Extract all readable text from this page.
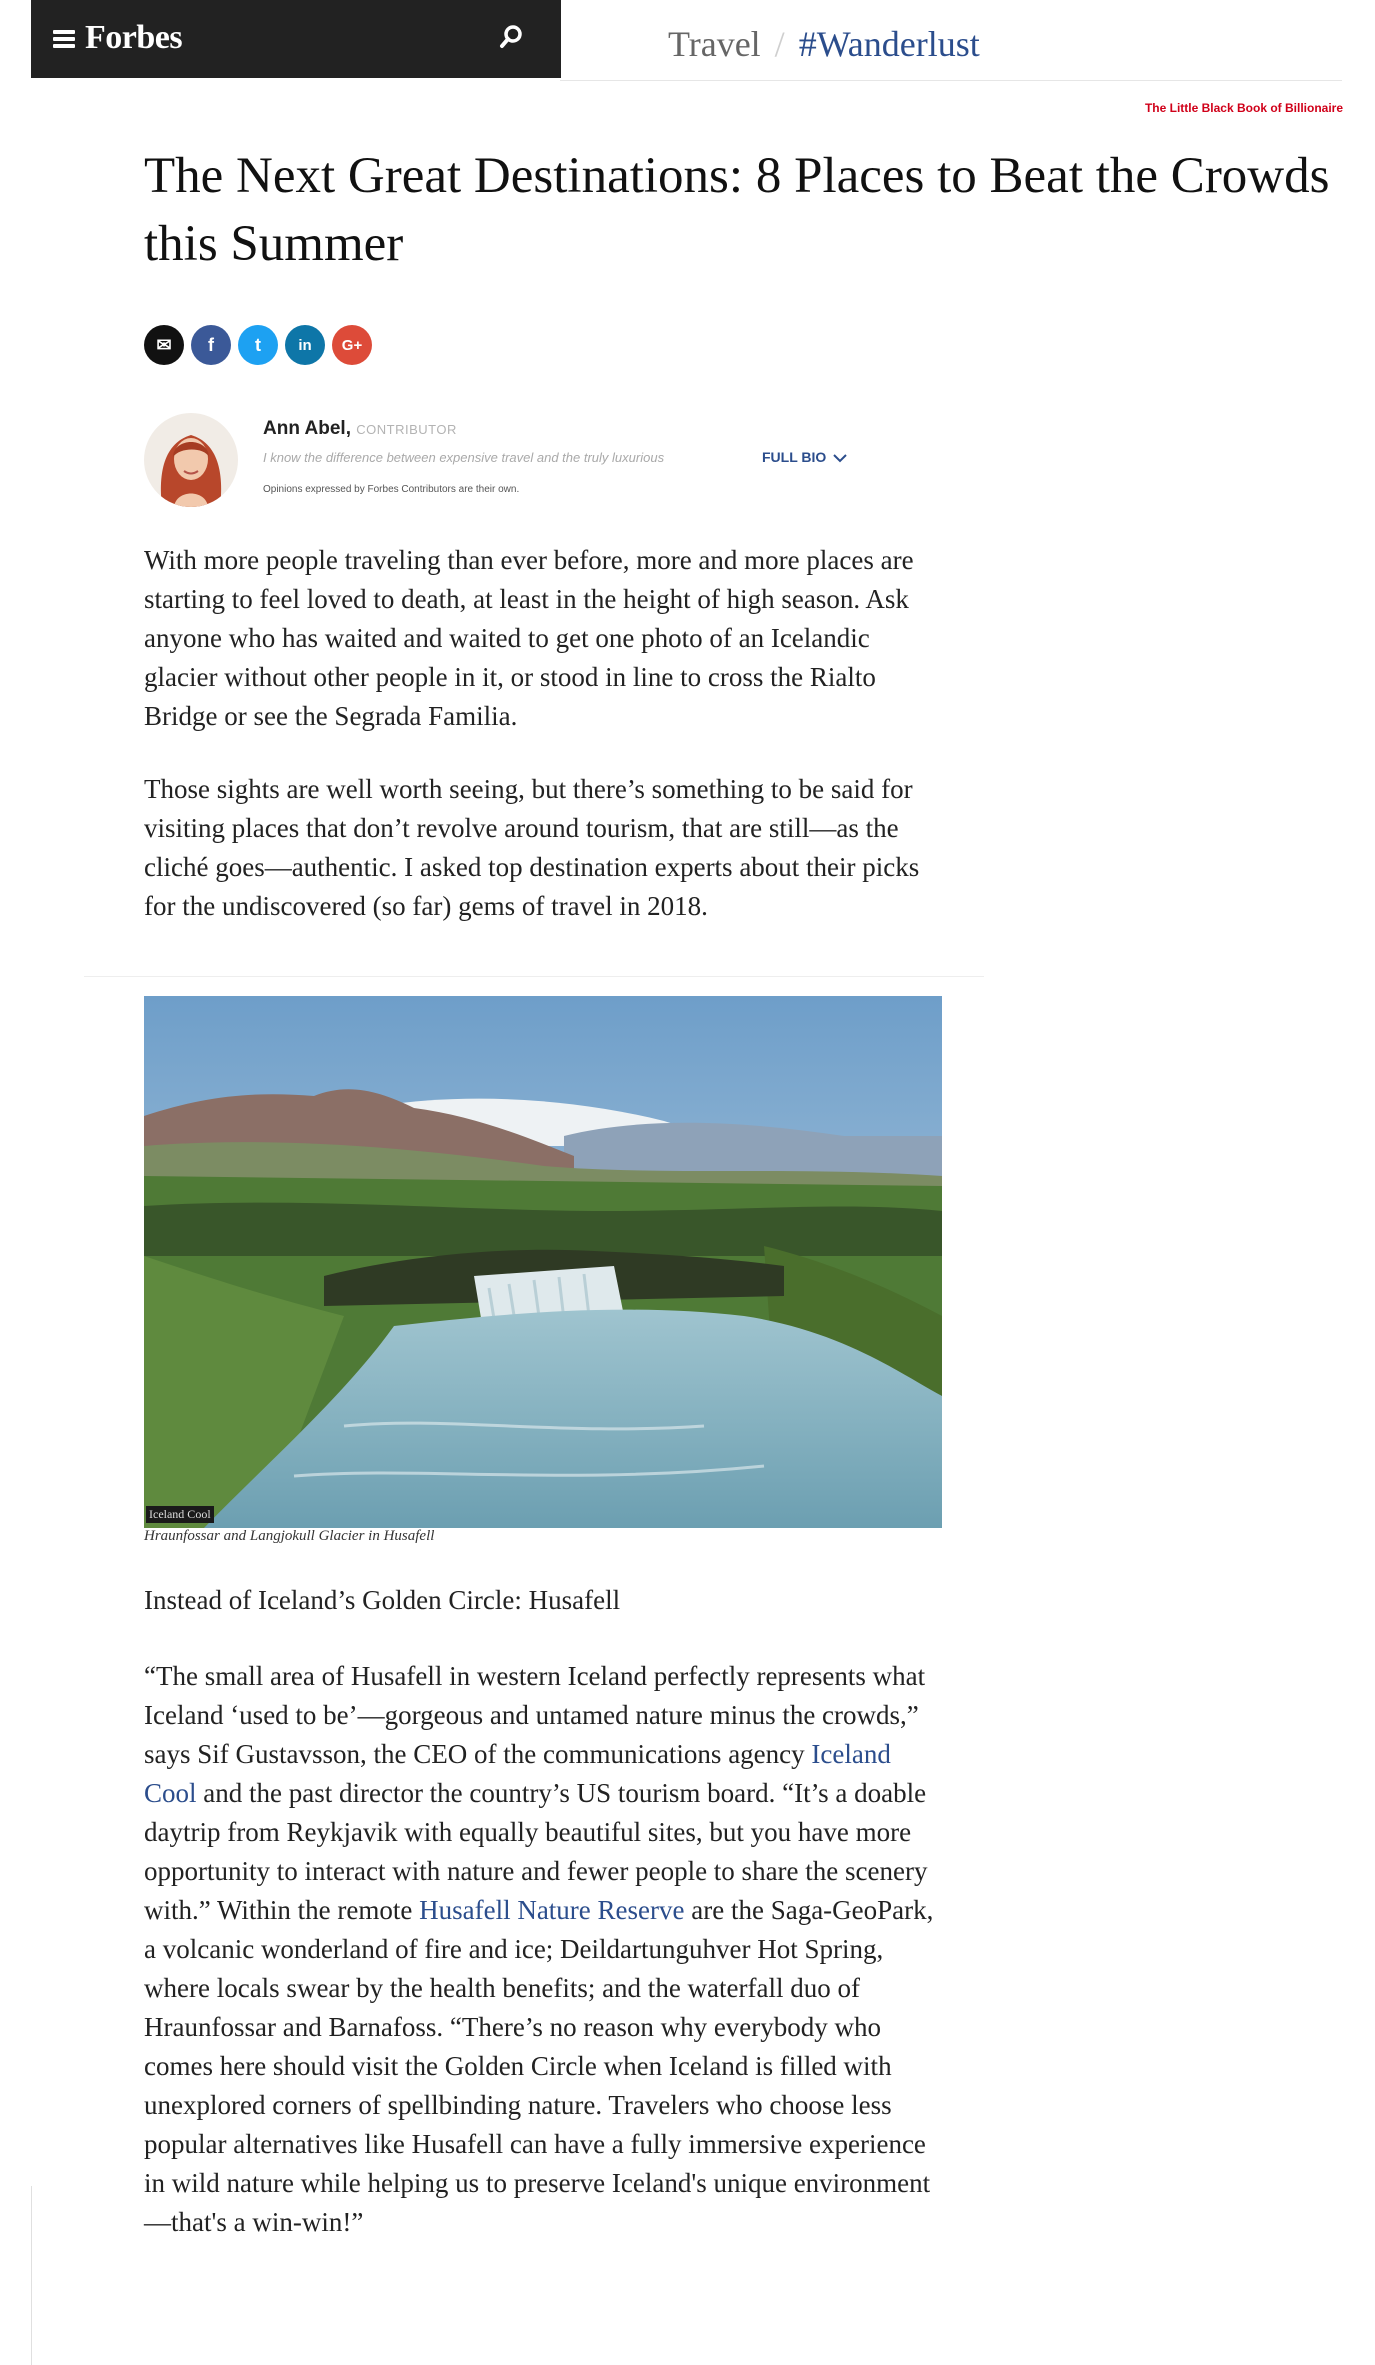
Forbes	Travel / #Wanderlust
The Little Black Book of Billionaire
The Next Great Destinations: 8 Places to Beat the Crowds this Summer
✉ f t in G+
Ann Abel, CONTRIBUTOR
I know the difference between expensive travel and the truly luxurious	FULL BIO
Opinions expressed by Forbes Contributors are their own.

With more people traveling than ever before, more and more places are starting to feel loved to death, at least in the height of high season. Ask anyone who has waited and waited to get one photo of an Icelandic glacier without other people in it, or stood in line to cross the Rialto Bridge or see the Segrada Familia.

Those sights are well worth seeing, but there’s something to be said for visiting places that don’t revolve around tourism, that are still—as the cliché goes—authentic. I asked top destination experts about their picks for the undiscovered (so far) gems of travel in 2018.

Iceland Cool
Hraunfossar and Langjokull Glacier in Husafell
Instead of Iceland’s Golden Circle: Husafell

“The small area of Husafell in western Iceland perfectly represents what Iceland ‘used to be’—gorgeous and untamed nature minus the crowds,” says Sif Gustavsson, the CEO of the communications agency Iceland Cool and the past director the country’s US tourism board. “It’s a doable daytrip from Reykjavik with equally beautiful sites, but you have more opportunity to interact with nature and fewer people to share the scenery with.” Within the remote Husafell Nature Reserve are the Saga-GeoPark, a volcanic wonderland of fire and ice; Deildartunguhver Hot Spring, where locals swear by the health benefits; and the waterfall duo of Hraunfossar and Barnafoss. “There’s no reason why everybody who comes here should visit the Golden Circle when Iceland is filled with unexplored corners of spellbinding nature. Travelers who choose less popular alternatives like Husafell can have a fully immersive experience in wild nature while helping us to preserve Iceland's unique environment—that's a win-win!”
